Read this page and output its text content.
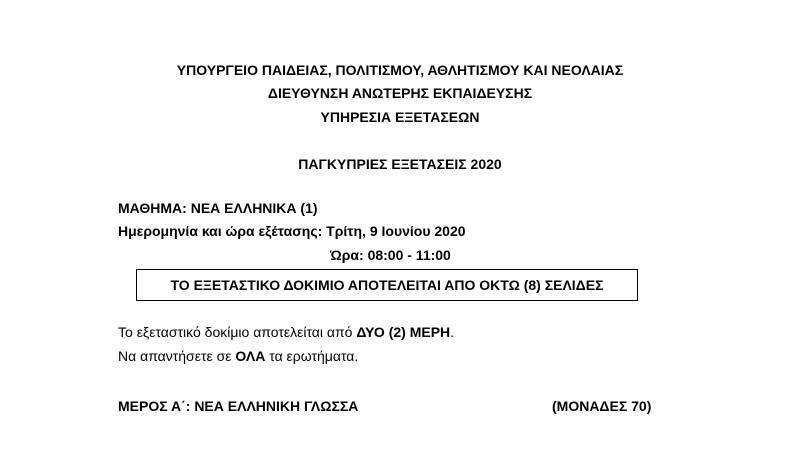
ΥΠΟΥΡΓΕΙΟ ΠΑΙΔΕΙΑΣ, ΠΟΛΙΤΙΣΜΟΥ, ΑΘΛΗΤΙΣΜΟΥ ΚΑΙ ΝΕΟΛΑΙΑΣ
ΔΙΕΥΘΥΝΣΗ ΑΝΩΤΕΡΗΣ ΕΚΠΑΙΔΕΥΣΗΣ
ΥΠΗΡΕΣΙΑ ΕΞΕΤΑΣΕΩΝ
ΠΑΓΚΥΠΡΙΕΣ ΕΞΕΤΑΣΕΙΣ 2020
ΜΑΘΗΜΑ: ΝΕΑ ΕΛΛΗΝΙΚΑ (1)
Ημερομηνία και ώρα εξέτασης: Τρίτη, 9 Ιουνίου 2020
Ώρα: 08:00 - 11:00
ΤΟ ΕΞΕΤΑΣΤΙΚΟ ΔΟΚΙΜΙΟ ΑΠΟΤΕΛΕΙΤΑΙ ΑΠΟ ΟΚΤΩ (8) ΣΕΛΙΔΕΣ
Το εξεταστικό δοκίμιο αποτελείται από ΔΥΟ (2) ΜΕΡΗ.
Να απαντήσετε σε ΟΛΑ τα ερωτήματα.
ΜΕΡΟΣ Α΄: ΝΕΑ ΕΛΛΗΝΙΚΗ ΓΛΩΣΣΑ	(ΜΟΝΑΔΕΣ 70)
